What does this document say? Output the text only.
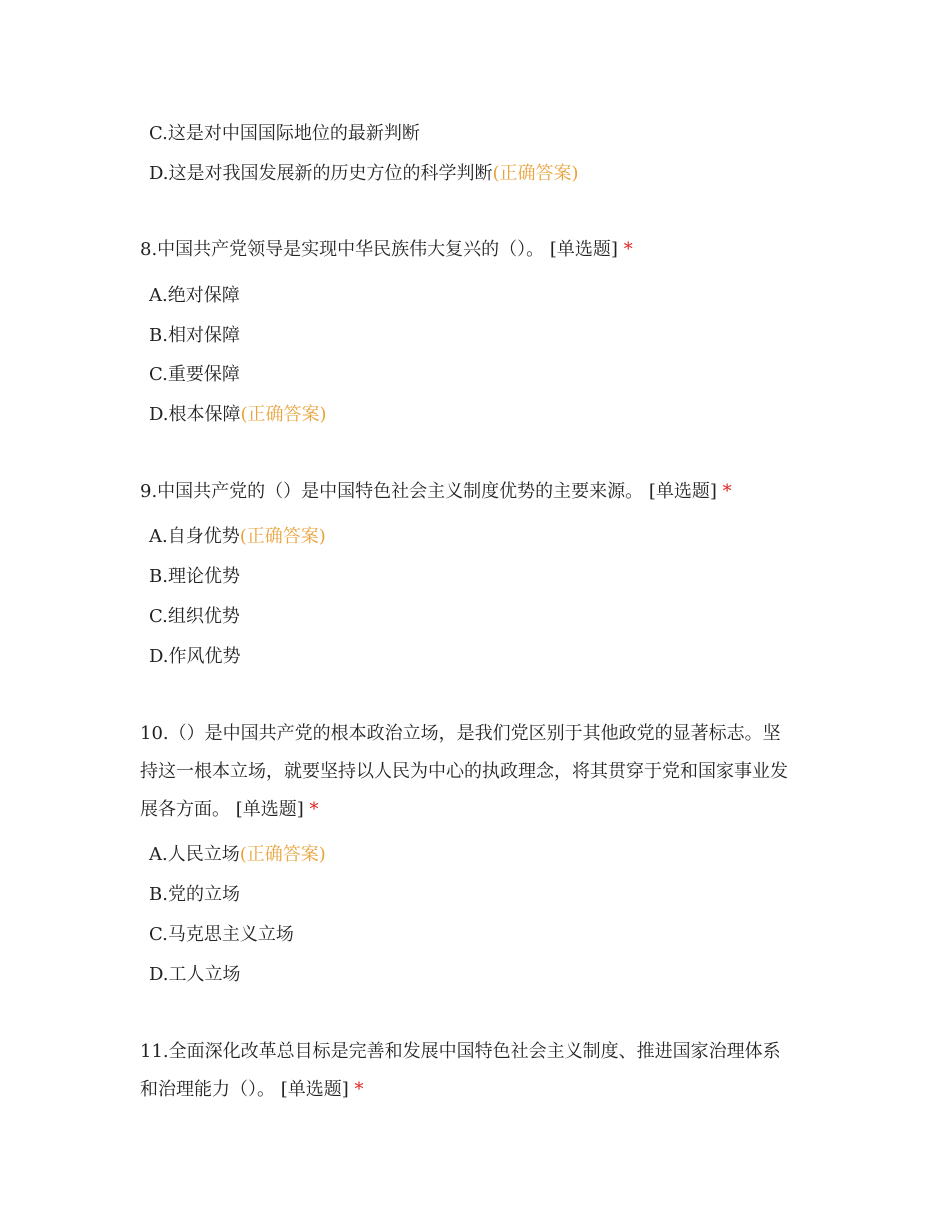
C.这是对中国国际地位的最新判断
D.这是对我国发展新的历史方位的科学判断(正确答案)
8.中国共产党领导是实现中华民族伟大复兴的（）。 [单选题] *
A.绝对保障
B.相对保障
C.重要保障
D.根本保障(正确答案)
9.中国共产党的（）是中国特色社会主义制度优势的主要来源。 [单选题] *
A.自身优势(正确答案)
B.理论优势
C.组织优势
D.作风优势
10.（）是中国共产党的根本政治立场，是我们党区别于其他政党的显著标志。坚
持这一根本立场，就要坚持以人民为中心的执政理念，将其贯穿于党和国家事业发
展各方面。 [单选题] *
A.人民立场(正确答案)
B.党的立场
C.马克思主义立场
D.工人立场
11.全面深化改革总目标是完善和发展中国特色社会主义制度、推进国家治理体系
和治理能力（）。 [单选题] *
